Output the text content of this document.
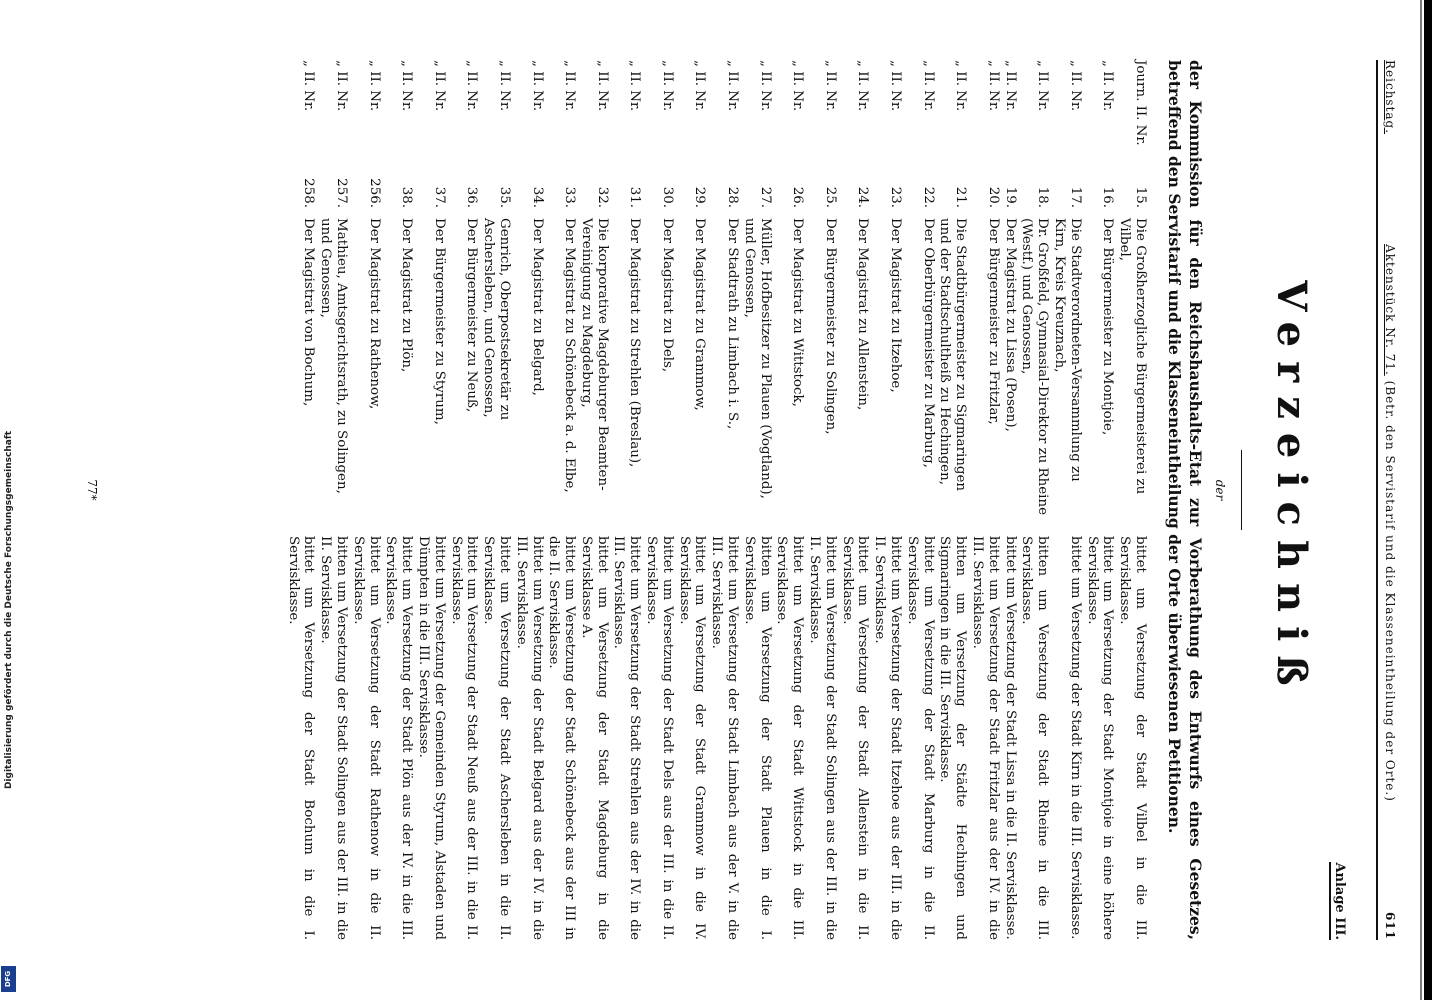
Digitalisierung gefördert durch die Deutsche Forschungsgemeinschaft
DFG
Reichstag.
Aktenstück Nr. 71. (Betr. den Servistarif und die Klasseneintheilung der Orte.)
611
Anlage III.
Verzeichniß
der
der Kommission für den Reichshaushalts-Etat zur Vorberathung des Entwurfs eines Gesetzes, betreffend den Servistarif und die Klasseneintheilung der Orte überwiesenen Petitionen.
Journ. II. Nr.
15.
Die Großherzogliche Bürgermeisterei zu Vilbel,
bittet um Versetzung der Stadt Vilbel in die III. Servisklasse.
„ II. Nr.
16.
Der Bürgermeister zu Montjoie,
bittet um Versetzung der Stadt Montjoie in eine höhere Servisklasse.
„ II. Nr.
17.
Die Stadtverordneten-Versammlung zu Kirn, Kreis Kreuznach,
bittet um Versetzung der Stadt Kirn in die III. Servisklasse.
„ II. Nr.
18.
Dr. Großfeld, Gymnasial-Direktor zu Rheine (Westf.) und Genossen,
bitten um Versetzung der Stadt Rheine in die III. Servisklasse.
„ II. Nr.
19.
Der Magistrat zu Lissa (Posen),
bittet um Versetzung der Stadt Lissa in die II. Servisklasse.
„ II. Nr.
20.
Der Bürgermeister zu Fritzlar,
bittet um Versetzung der Stadt Fritzlar aus der IV. in die III. Servisklasse.
„ II. Nr.
21.
Die Stadtbürgermeister zu Sigmaringen und der Stadtschultheiß zu Hechingen,
bitten um Versetzung der Städte Hechingen und Sigmaringen in die III. Servisklasse.
„ II. Nr.
22.
Der Oberbürgermeister zu Marburg,
bittet um Versetzung der Stadt Marburg in die II. Servisklasse.
„ II. Nr.
23.
Der Magistrat zu Itzehoe,
bittet um Versetzung der Stadt Itzehoe aus der III. in die II. Servisklasse.
„ II. Nr.
24.
Der Magistrat zu Allenstein,
bittet um Versetzung der Stadt Allenstein in die II. Servisklasse.
„ II. Nr.
25.
Der Bürgermeister zu Solingen,
bittet um Versetzung der Stadt Solingen aus der III. in die II. Servisklasse.
„ II. Nr.
26.
Der Magistrat zu Wittstock,
bittet um Versetzung der Stadt Wittstock in die III. Servisklasse.
„ II. Nr.
27.
Müller, Hofbesitzer zu Plauen (Vogtland), und Genossen,
bitten um Versetzung der Stadt Plauen in die I. Servisklasse.
„ II. Nr.
28.
Der Stadtrath zu Limbach i. S.,
bittet um Versetzung der Stadt Limbach aus der V. in die III. Servisklasse.
„ II. Nr.
29.
Der Magistrat zu Grammow,
bittet um Versetzung der Stadt Grammow in die IV. Servisklasse.
„ II. Nr.
30.
Der Magistrat zu Dels,
bittet um Versetzung der Stadt Dels aus der III. in die II. Servisklasse.
„ II. Nr.
31.
Der Magistrat zu Strehlen (Breslau),
bittet um Versetzung der Stadt Strehlen aus der IV. in die III. Servisklasse.
„ II. Nr.
32.
Die korporative Magdeburger Beamten-Vereinigung zu Magdeburg,
bittet um Versetzung der Stadt Magdeburg in die Servisklasse A.
„ II. Nr.
33.
Der Magistrat zu Schönebeck a. d. Elbe,
bittet um Versetzung der Stadt Schönebeck aus der III in die II. Servisklasse.
„ II. Nr.
34.
Der Magistrat zu Belgard,
bittet um Versetzung der Stadt Belgard aus der IV. in die III. Servisklasse.
„ II. Nr.
35.
Genrich, Oberpostsekretär zu Aschersleben, und Genossen,
bittet um Versetzung der Stadt Aschersleben in die II. Servisklasse.
„ II. Nr.
36.
Der Bürgermeister zu Neuß,
bittet um Versetzung der Stadt Neuß aus der III. in die II. Servisklasse.
„ II. Nr.
37.
Der Bürgermeister zu Styrum,
bittet um Versetzung der Gemeinden Styrum, Alstaden und Dümpten in die III. Servisklasse.
„ II. Nr.
38.
Der Magistrat zu Plön,
bittet um Versetzung der Stadt Plön aus der IV. in die III. Servisklasse.
„ II. Nr.
256.
Der Magistrat zu Rathenow,
bittet um Versetzung der Stadt Rathenow in die II. Servisklasse.
„ II. Nr.
257.
Mathieu, Amtsgerichtsrath, zu Solingen, und Genossen,
bitten um Versetzung der Stadt Solingen aus der III. in die II. Servisklasse.
„ II. Nr.
258.
Der Magistrat von Bochum,
bittet um Versetzung der Stadt Bochum in die I. Servisklasse.
77*
